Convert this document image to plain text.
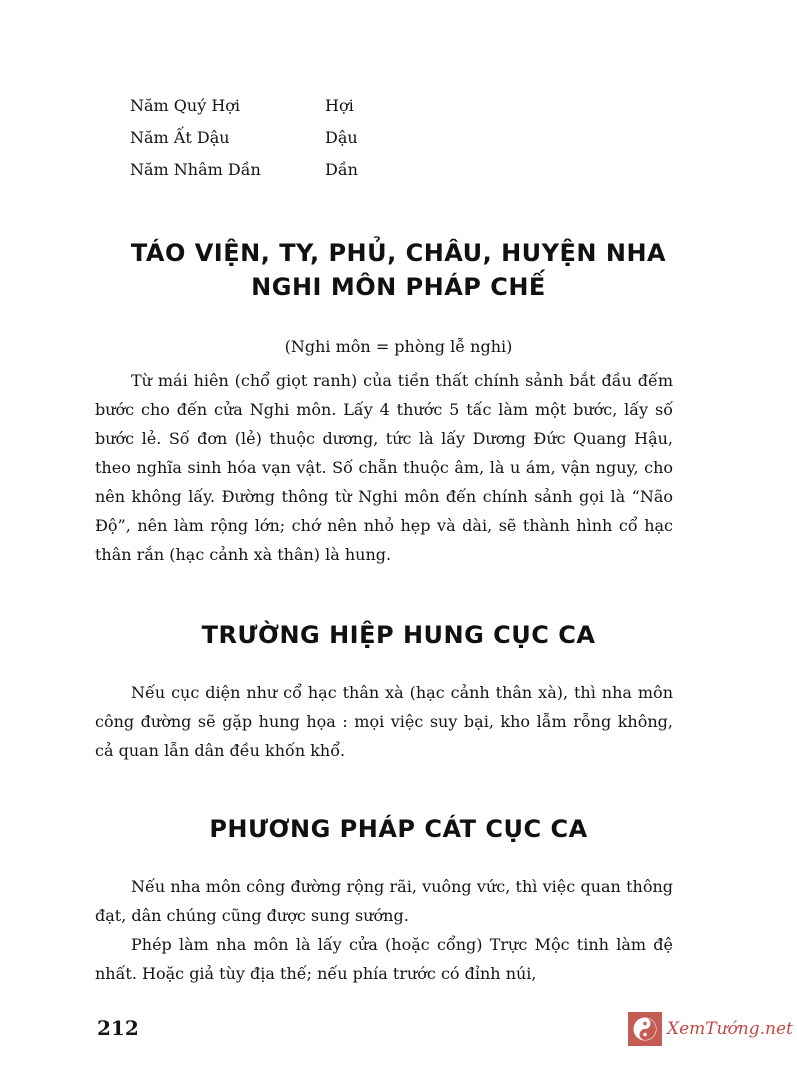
Năm Quý Hợi	Hợi
Năm Ất Dậu	Dậu
Năm Nhâm Dần	Dần
TÁO VIỆN, TY, PHỦ, CHÂU, HUYỆN NHA
NGHI MÔN PHÁP CHẾ
(Nghi môn = phòng lễ nghi)

Từ mái hiên (chổ giọt ranh) của tiền thất chính sảnh bắt đầu đếm bước cho đến cửa Nghi môn. Lấy 4 thước 5 tấc làm một bước, lấy số bước lẻ. Số đơn (lẻ) thuộc dương, tức là lấy Dương Đức Quang Hậu, theo nghĩa sinh hóa vạn vật. Số chẵn thuộc âm, là u ám, vận nguy, cho nên không lấy. Đường thông từ Nghi môn đến chính sảnh gọi là “Não Độ”, nên làm rộng lớn; chớ nên nhỏ hẹp và dài, sẽ thành hình cổ hạc thân rắn (hạc cảnh xà thân) là hung.

TRƯỜNG HIỆP HUNG CỤC CA

Nếu cục diện như cổ hạc thân xà (hạc cảnh thân xà), thì nha môn công đường sẽ gặp hung họa : mọi việc suy bại, kho lẫm rỗng không, cả quan lẫn dân đều khốn khổ.

PHƯƠNG PHÁP CÁT CỤC CA

Nếu nha môn công đường rộng rãi, vuông vức, thì việc quan thông đạt, dân chúng cũng được sung sướng.

Phép làm nha môn là lấy cửa (hoặc cổng) Trực Mộc tinh làm đệ nhất. Hoặc giả tùy địa thế; nếu phía trước có đỉnh núi,

212	XemTướng.net
